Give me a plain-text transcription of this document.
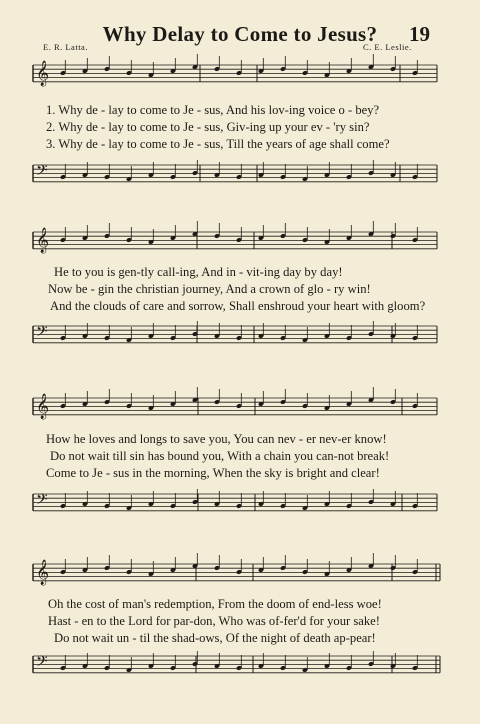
Why Delay to Come to Jesus?	19
E. R. Latta.	C. E. Leslie.
𝄞
𝄢
𝄞
𝄢
𝄞
𝄢
𝄞
𝄢
1. Why de - lay to come to Je - sus, And his lov-ing voice o - bey?
2. Why de - lay to come to Je - sus, Giv-ing up your ev - 'ry sin?
3. Why de - lay to come to Je - sus, Till the years of age shall come?
He to you is gen-tly call-ing, And in - vit-ing day by day!
Now be - gin the christian journey, And a crown of glo - ry win!
And the clouds of care and sorrow, Shall enshroud your heart with gloom?
How he loves and longs to save you, You can nev - er nev-er know!
Do not wait till sin has bound you, With a chain you can-not break!
Come to Je - sus in the morning, When the sky is bright and clear!
Oh the cost of man's redemption, From the doom of end-less woe!
Hast - en to the Lord for par-don, Who was of-fer'd for your sake!
Do not wait un - til the shad-ows, Of the night of death ap-pear!
